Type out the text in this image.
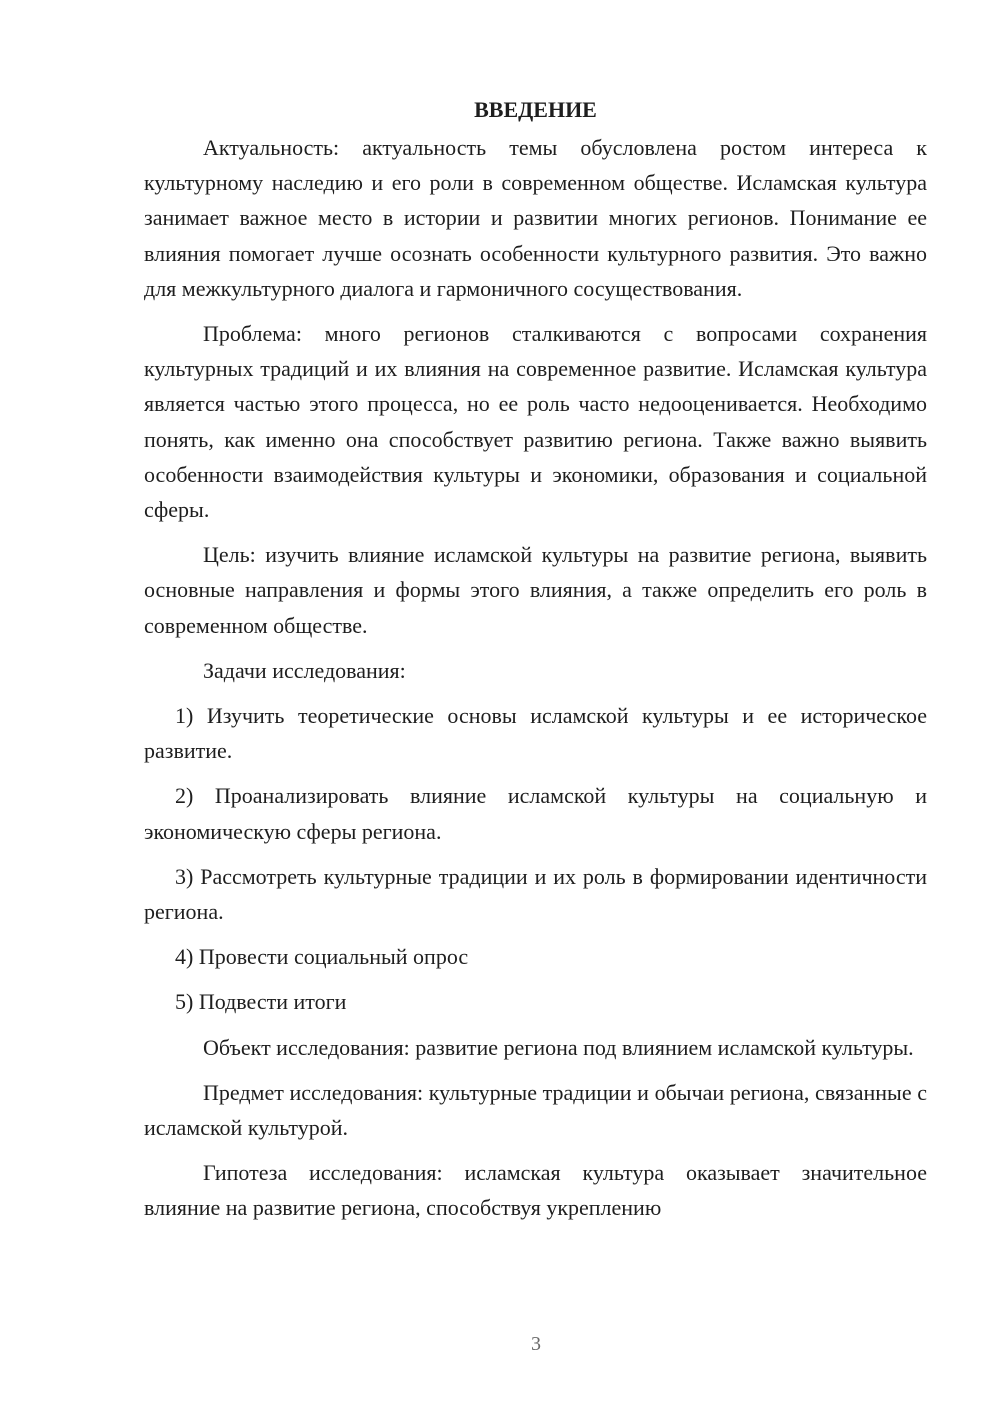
ВВЕДЕНИЕ

Актуальность: актуальность темы обусловлена ростом интереса к культурному наследию и его роли в современном обществе. Исламская культура занимает важное место в истории и развитии многих регионов. Понимание ее влияния помогает лучше осознать особенности культурного развития. Это важно для межкультурного диалога и гармоничного сосуществования.

Проблема: много регионов сталкиваются с вопросами сохранения культурных традиций и их влияния на современное развитие. Исламская культура является частью этого процесса, но ее роль часто недооценивается. Необходимо понять, как именно она способствует развитию региона. Также важно выявить особенности взаимодействия культуры и экономики, образования и социальной сферы.

Цель: изучить влияние исламской культуры на развитие региона, выявить основные направления и формы этого влияния, а также определить его роль в современном обществе.

Задачи исследования:

1) Изучить теоретические основы исламской культуры и ее историческое развитие.

2) Проанализировать влияние исламской культуры на социальную и экономическую сферы региона.

3) Рассмотреть культурные традиции и их роль в формировании идентичности региона.

4) Провести социальный опрос

5) Подвести итоги

Объект исследования: развитие региона под влиянием исламской культуры.

Предмет исследования: культурные традиции и обычаи региона, связанные с исламской культурой.

Гипотеза исследования: исламская культура оказывает значительное влияние на развитие региона, способствуя укреплению

3
